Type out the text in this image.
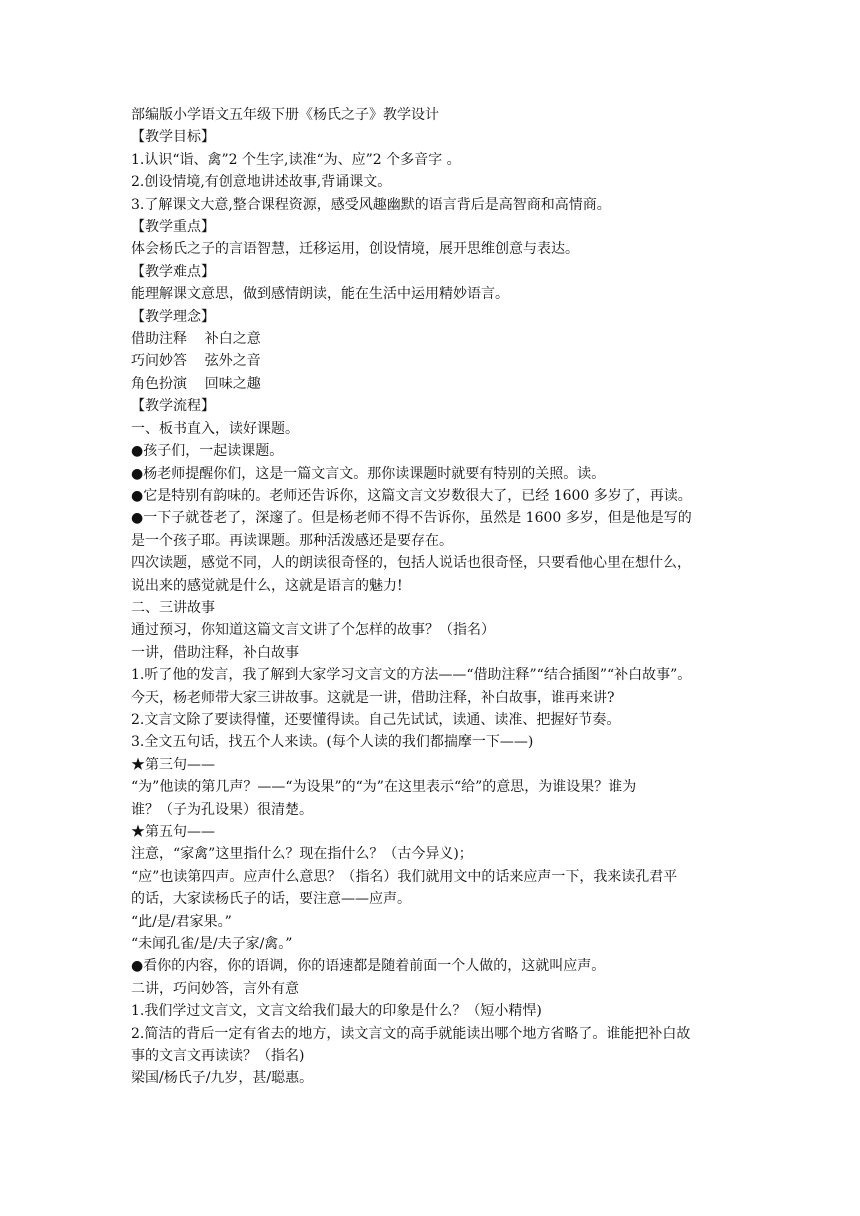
部编版小学语文五年级下册《杨氏之子》教学设计
【教学目标】
1.认识“诣、禽”2 个生字,读准“为、应”2 个多音字 。
2.创设情境,有创意地讲述故事,背诵课文。
3.了解课文大意,整合课程资源，感受风趣幽默的语言背后是高智商和高情商。
【教学重点】
体会杨氏之子的言语智慧，迁移运用，创设情境，展开思维创意与表达。
【教学难点】
能理解课文意思，做到感情朗读，能在生活中运用精妙语言。
【教学理念】
借助注释    补白之意
巧问妙答    弦外之音
角色扮演    回味之趣
【教学流程】
一、板书直入，读好课题。
●孩子们，一起读课题。
●杨老师提醒你们，这是一篇文言文。那你读课题时就要有特别的关照。读。
●它是特别有韵味的。老师还告诉你，这篇文言文岁数很大了，已经 1600 多岁了，再读。
●一下子就苍老了，深邃了。但是杨老师不得不告诉你，虽然是 1600 多岁，但是他是写的
是一个孩子耶。再读课题。那种活泼感还是要存在。
四次读题，感觉不同，人的朗读很奇怪的，包括人说话也很奇怪，只要看他心里在想什么，
说出来的感觉就是什么，这就是语言的魅力!
二、三讲故事
通过预习，你知道这篇文言文讲了个怎样的故事？（指名）
一讲，借助注释，补白故事
1.听了他的发言，我了解到大家学习文言文的方法——“借助注释”“结合插图”“补白故事”。
今天，杨老师带大家三讲故事。这就是一讲，借助注释，补白故事，谁再来讲?
2.文言文除了要读得懂，还要懂得读。自己先试试，读通、读准、把握好节奏。
3.全文五句话，找五个人来读。(每个人读的我们都揣摩一下——)
★第三句——
“为”他读的第几声？——“为设果”的“为”在这里表示“给”的意思，为谁设果？谁为
谁？（子为孔设果）很清楚。
★第五句——
注意，“家禽”这里指什么？现在指什么？（古今异义)；
“应”也读第四声。应声什么意思？（指名）我们就用文中的话来应声一下，我来读孔君平
的话，大家读杨氏子的话，要注意——应声。
“此/是/君家果。”
“未闻孔雀/是/夫子家/禽。”
●看你的内容，你的语调，你的语速都是随着前面一个人做的，这就叫应声。
二讲，巧问妙答，言外有意
1.我们学过文言文，文言文给我们最大的印象是什么？（短小精悍)
2.简洁的背后一定有省去的地方，读文言文的高手就能读出哪个地方省略了。谁能把补白故
事的文言文再读读？（指名)
梁国/杨氏子/九岁，甚/聪惠。
